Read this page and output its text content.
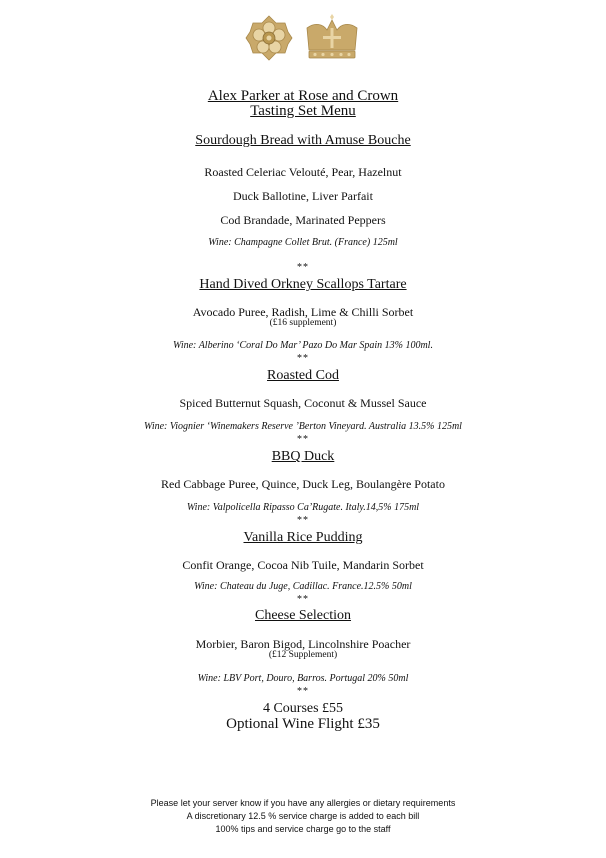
Alex Parker at Rose and Crown
Tasting Set Menu
Sourdough Bread with Amuse Bouche
Roasted Celeriac Velouté, Pear, Hazelnut
Duck Ballotine, Liver Parfait
Cod Brandade, Marinated Peppers
Wine: Champagne Collet Brut. (France) 125ml
**
Hand Dived Orkney Scallops Tartare
Avocado Puree, Radish, Lime & Chilli Sorbet
(£16 supplement)
Wine: Alberino ‘Coral Do Mar’ Pazo Do Mar Spain 13% 100ml.
**
Roasted Cod
Spiced Butternut Squash, Coconut & Mussel Sauce
Wine: Viognier ‘Winemakers Reserve ’Berton Vineyard. Australia 13.5% 125ml
**
BBQ Duck
Red Cabbage Puree, Quince, Duck Leg, Boulangère Potato
Wine: Valpolicella Ripasso Ca’Rugate. Italy.14,5% 175ml
**
Vanilla Rice Pudding
Confit Orange, Cocoa Nib Tuile, Mandarin Sorbet
Wine: Chateau du Juge, Cadillac. France.12.5% 50ml
**
Cheese Selection
Morbier, Baron Bigod, Lincolnshire Poacher
(£12 Supplement)
Wine: LBV Port, Douro, Barros. Portugal 20% 50ml
**
4 Courses £55
Optional Wine Flight £35
Please let your server know if you have any allergies or dietary requirements
A discretionary 12.5 % service charge is added to each bill
100% tips and service charge go to the staff
